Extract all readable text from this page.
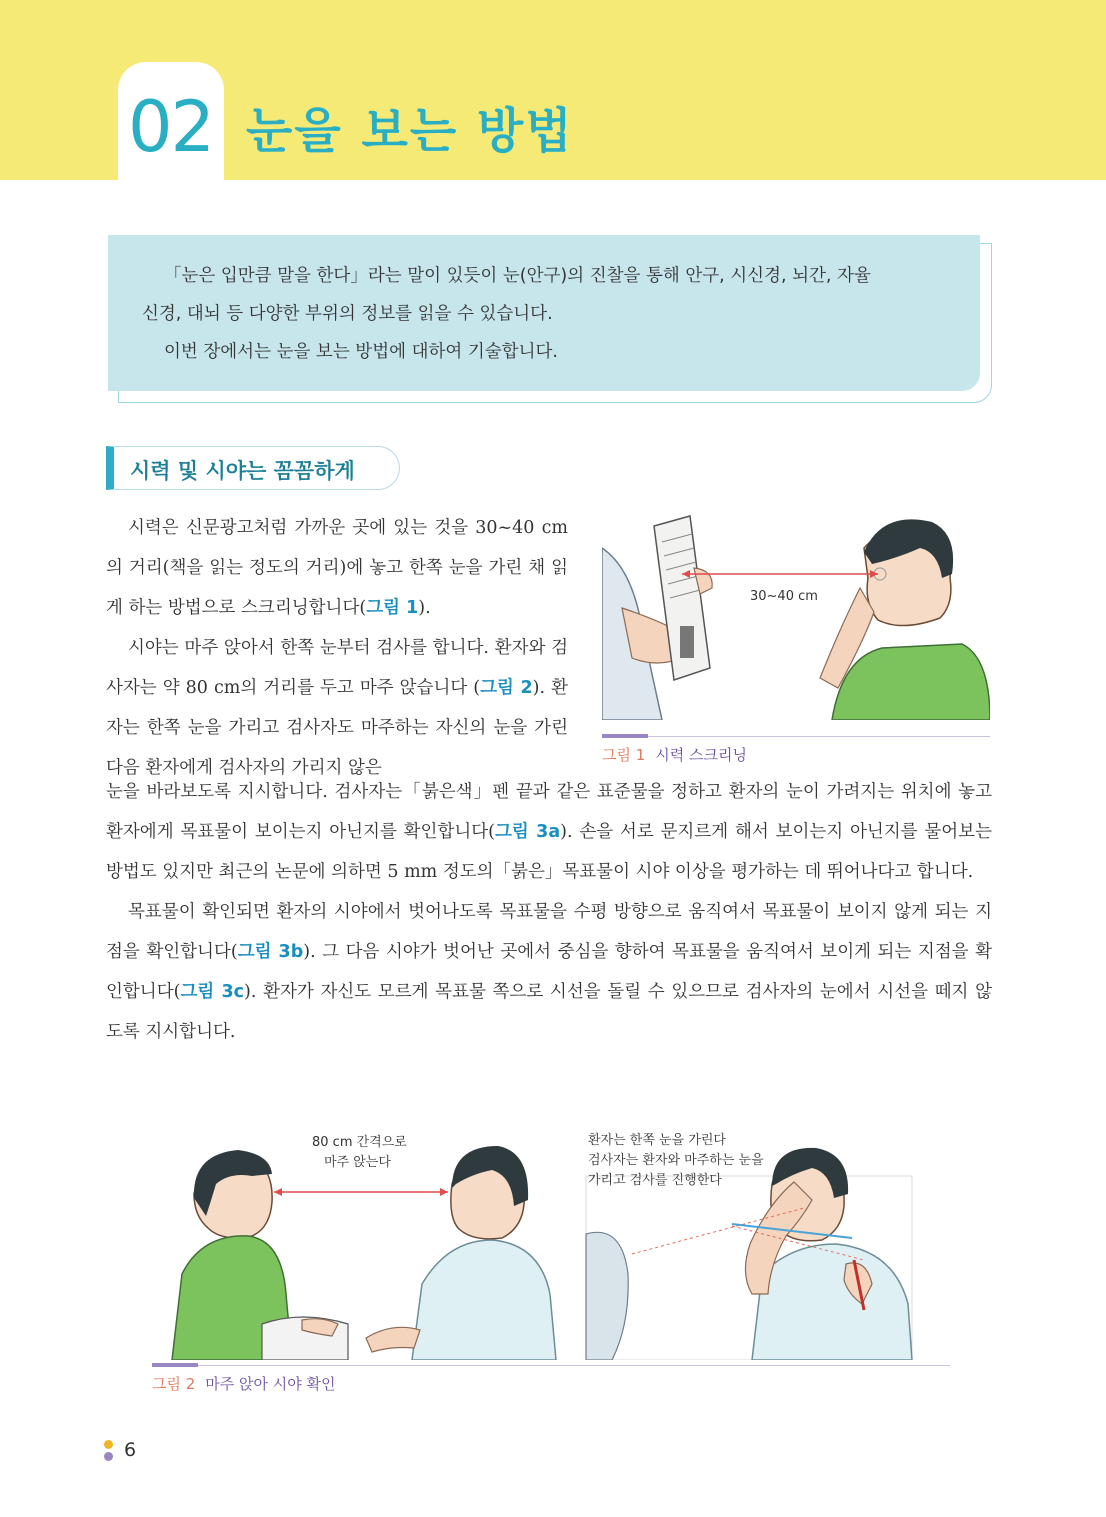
02 눈을 보는 방법

「눈은 입만큼 말을 한다」라는 말이 있듯이 눈(안구)의 진찰을 통해 안구, 시신경, 뇌간, 자율

신경, 대뇌 등 다양한 부위의 정보를 읽을 수 있습니다.

이번 장에서는 눈을 보는 방법에 대하여 기술합니다.

시력 및 시야는 꼼꼼하게

시력은 신문광고처럼 가까운 곳에 있는 것을 30~40 cm의 거리(책을 읽는 정도의 거리)에 놓고 한쪽 눈을 가린 채 읽게 하는 방법으로 스크리닝합니다(그림 1).

시야는 마주 앉아서 한쪽 눈부터 검사를 합니다. 환자와 검사자는 약 80 cm의 거리를 두고 마주 앉습니다 (그림 2). 환자는 한쪽 눈을 가리고 검사자도 마주하는 자신의 눈을 가린 다음 환자에게 검사자의 가리지 않은

30~40 cm
그림 1 시력 스크리닝

눈을 바라보도록 지시합니다. 검사자는「붉은색」펜 끝과 같은 표준물을 정하고 환자의 눈이 가려지는 위치에 놓고 환자에게 목표물이 보이는지 아닌지를 확인합니다(그림 3a). 손을 서로 문지르게 해서 보이는지 아닌지를 물어보는 방법도 있지만 최근의 논문에 의하면 5 mm 정도의「붉은」목표물이 시야 이상을 평가하는 데 뛰어나다고 합니다.

목표물이 확인되면 환자의 시야에서 벗어나도록 목표물을 수평 방향으로 움직여서 목표물이 보이지 않게 되는 지점을 확인합니다(그림 3b). 그 다음 시야가 벗어난 곳에서 중심을 향하여 목표물을 움직여서 보이게 되는 지점을 확인합니다(그림 3c). 환자가 자신도 모르게 목표물 쪽으로 시선을 돌릴 수 있으므로 검사자의 눈에서 시선을 떼지 않도록 지시합니다.

80 cm 간격으로
마주 앉는다
환자는 한쪽 눈을 가린다
검사자는 환자와 마주하는 눈을
가리고 검사를 진행한다
그림 2 마주 앉아 시야 확인
6
